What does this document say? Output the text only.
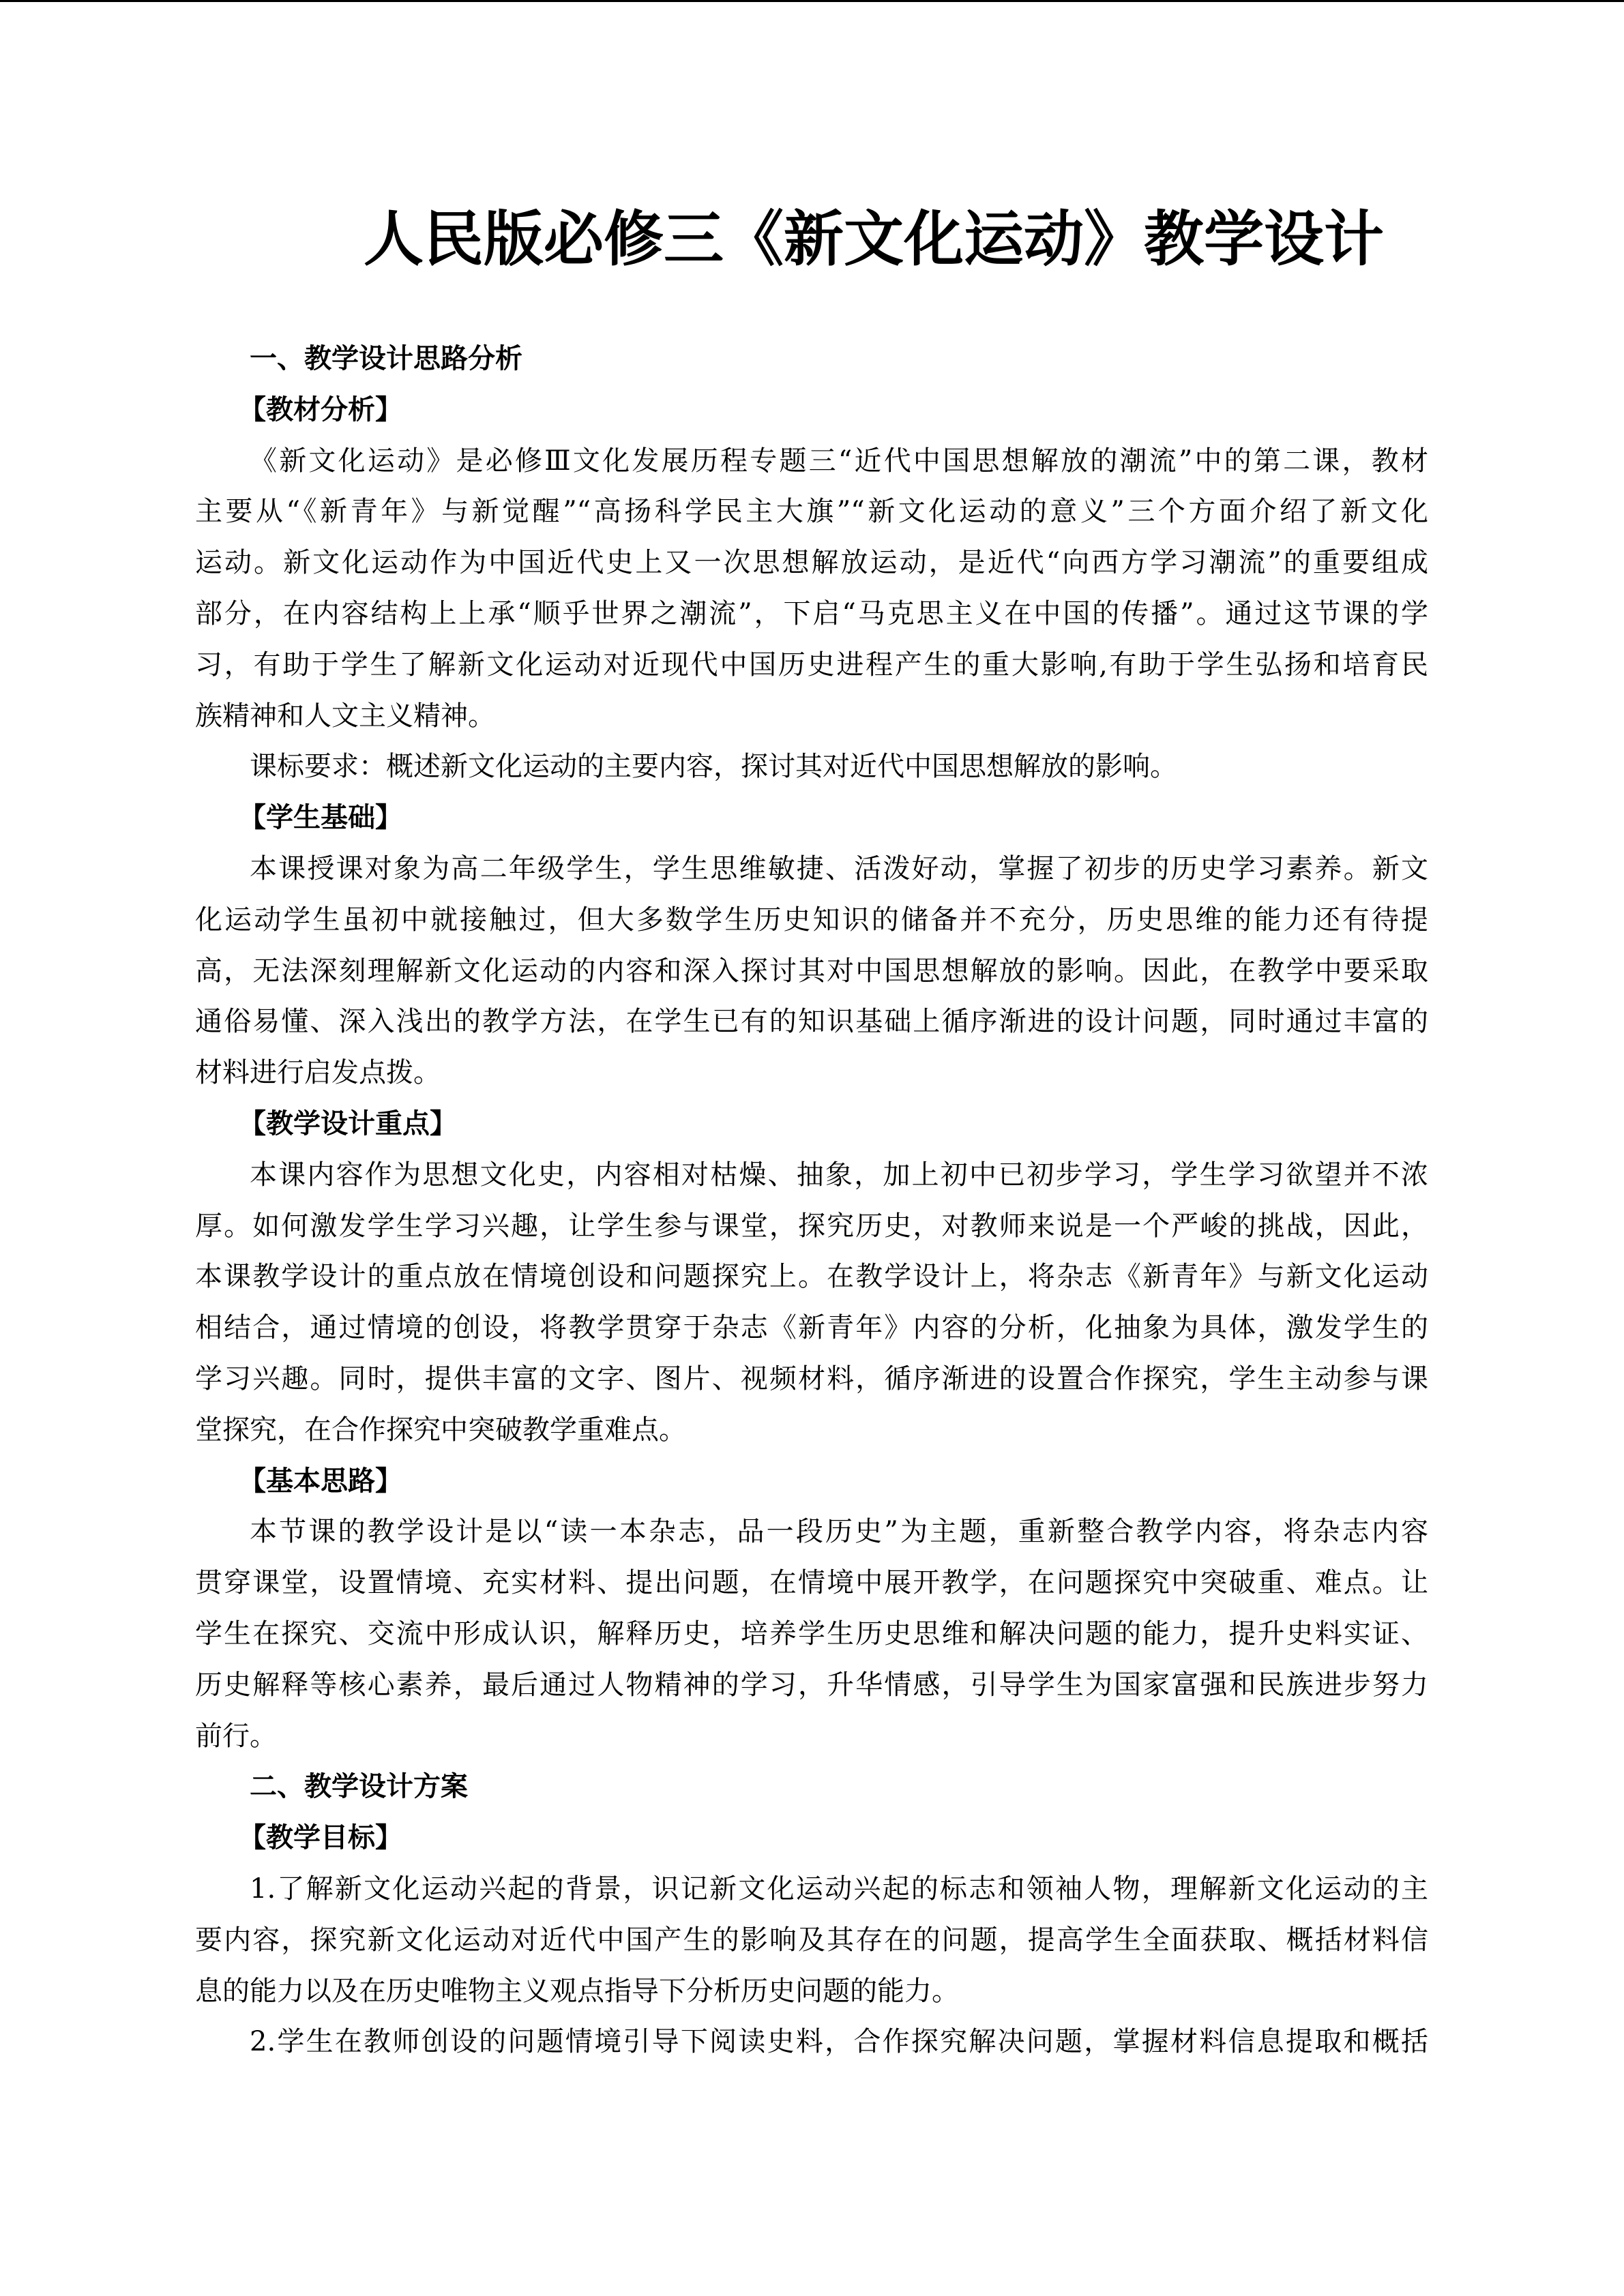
人民版必修三《新文化运动》教学设计
一、教学设计思路分析
【教材分析】
《新文化运动》是必修Ⅲ文化发展历程专题三“近代中国思想解放的潮流”中的第二课，教材
主要从“《新青年》与新觉醒”“高扬科学民主大旗”“新文化运动的意义”三个方面介绍了新文化
运动。新文化运动作为中国近代史上又一次思想解放运动，是近代“向西方学习潮流”的重要组成
部分，在内容结构上上承“顺乎世界之潮流”，下启“马克思主义在中国的传播”。通过这节课的学
习，有助于学生了解新文化运动对近现代中国历史进程产生的重大影响,有助于学生弘扬和培育民
族精神和人文主义精神。
课标要求：概述新文化运动的主要内容，探讨其对近代中国思想解放的影响。
【学生基础】
本课授课对象为高二年级学生，学生思维敏捷、活泼好动，掌握了初步的历史学习素养。新文
化运动学生虽初中就接触过，但大多数学生历史知识的储备并不充分，历史思维的能力还有待提
高，无法深刻理解新文化运动的内容和深入探讨其对中国思想解放的影响。因此，在教学中要采取
通俗易懂、深入浅出的教学方法，在学生已有的知识基础上循序渐进的设计问题，同时通过丰富的
材料进行启发点拨。
【教学设计重点】
本课内容作为思想文化史，内容相对枯燥、抽象，加上初中已初步学习，学生学习欲望并不浓
厚。如何激发学生学习兴趣，让学生参与课堂，探究历史，对教师来说是一个严峻的挑战，因此，
本课教学设计的重点放在情境创设和问题探究上。在教学设计上，将杂志《新青年》与新文化运动
相结合，通过情境的创设，将教学贯穿于杂志《新青年》内容的分析，化抽象为具体，激发学生的
学习兴趣。同时，提供丰富的文字、图片、视频材料，循序渐进的设置合作探究，学生主动参与课
堂探究，在合作探究中突破教学重难点。
【基本思路】
本节课的教学设计是以“读一本杂志，品一段历史”为主题，重新整合教学内容，将杂志内容
贯穿课堂，设置情境、充实材料、提出问题，在情境中展开教学，在问题探究中突破重、难点。让
学生在探究、交流中形成认识，解释历史，培养学生历史思维和解决问题的能力，提升史料实证、
历史解释等核心素养，最后通过人物精神的学习，升华情感，引导学生为国家富强和民族进步努力
前行。
二、教学设计方案
【教学目标】
1.了解新文化运动兴起的背景，识记新文化运动兴起的标志和领袖人物，理解新文化运动的主
要内容，探究新文化运动对近代中国产生的影响及其存在的问题，提高学生全面获取、概括材料信
息的能力以及在历史唯物主义观点指导下分析历史问题的能力。
2.学生在教师创设的问题情境引导下阅读史料，合作探究解决问题，掌握材料信息提取和概括
